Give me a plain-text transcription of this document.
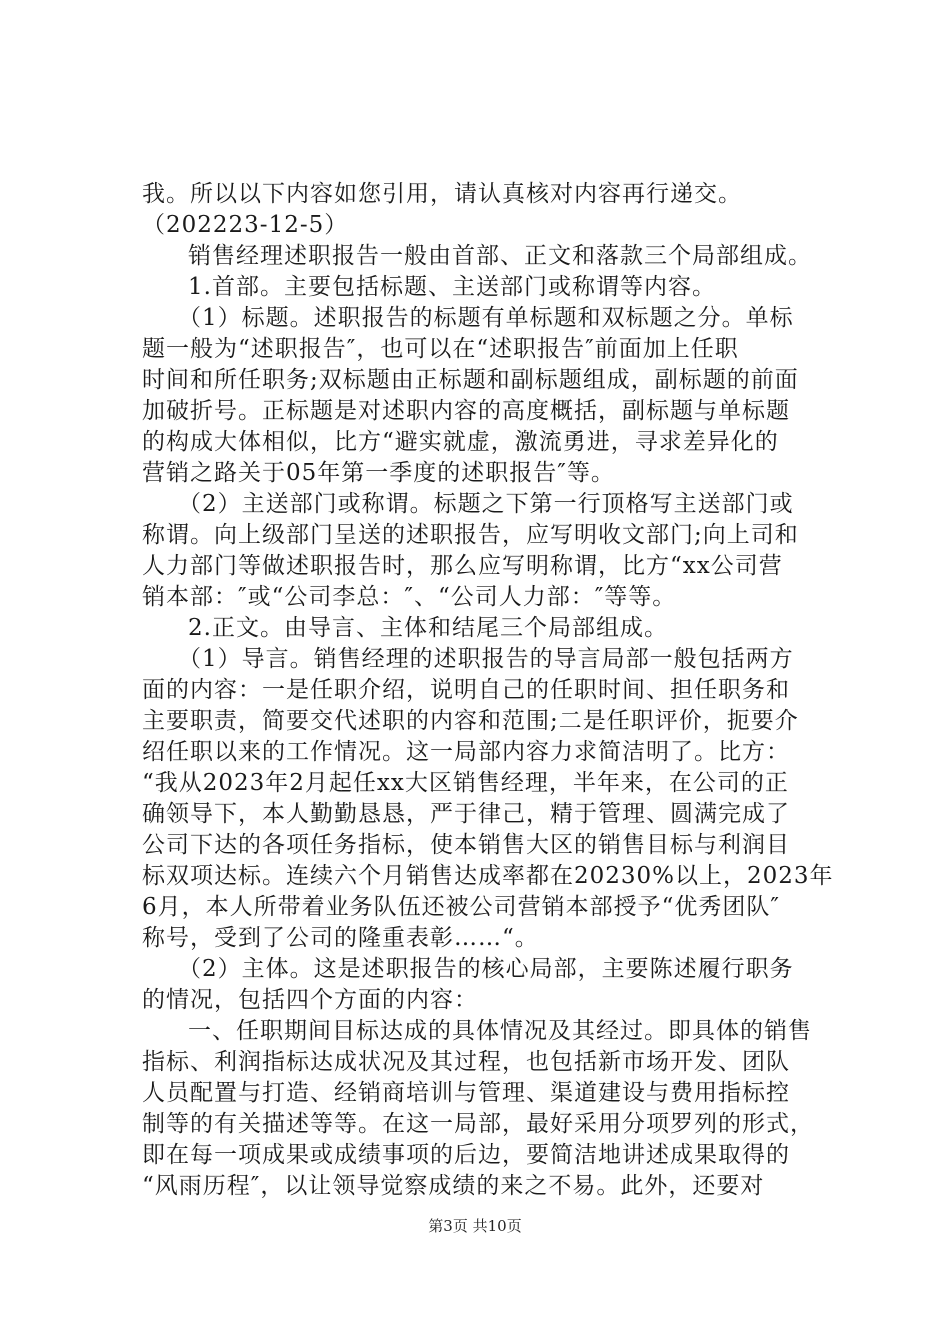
我。所以以下内容如您引用，请认真核对内容再行递交。
（202223-12-5）
销售经理述职报告一般由首部、正文和落款三个局部组成。
1.首部。主要包括标题、主送部门或称谓等内容。
（1）标题。述职报告的标题有单标题和双标题之分。单标
题一般为“述职报告″，也可以在“述职报告″前面加上任职
时间和所任职务;双标题由正标题和副标题组成，副标题的前面
加破折号。正标题是对述职内容的高度概括，副标题与单标题
的构成大体相似，比方“避实就虚，激流勇进，寻求差异化的
营销之路关于05年第一季度的述职报告″等。
（2）主送部门或称谓。标题之下第一行顶格写主送部门或
称谓。向上级部门呈送的述职报告，应写明收文部门;向上司和
人力部门等做述职报告时，那么应写明称谓，比方“xx公司营
销本部：″或“公司李总：″、“公司人力部：″等等。
2.正文。由导言、主体和结尾三个局部组成。
（1）导言。销售经理的述职报告的导言局部一般包括两方
面的内容：一是任职介绍，说明自己的任职时间、担任职务和
主要职责，简要交代述职的内容和范围;二是任职评价，扼要介
绍任职以来的工作情况。这一局部内容力求简洁明了。比方：
“我从2023年2月起任xx大区销售经理，半年来，在公司的正
确领导下，本人勤勤恳恳，严于律己，精于管理、圆满完成了
公司下达的各项任务指标，使本销售大区的销售目标与利润目
标双项达标。连续六个月销售达成率都在20230%以上，2023年
6月，本人所带着业务队伍还被公司营销本部授予“优秀团队″
称号，受到了公司的隆重表彰……“。
（2）主体。这是述职报告的核心局部，主要陈述履行职务
的情况，包括四个方面的内容：
一、任职期间目标达成的具体情况及其经过。即具体的销售
指标、利润指标达成状况及其过程，也包括新市场开发、团队
人员配置与打造、经销商培训与管理、渠道建设与费用指标控
制等的有关描述等等。在这一局部，最好采用分项罗列的形式，
即在每一项成果或成绩事项的后边，要简洁地讲述成果取得的
“风雨历程″，以让领导觉察成绩的来之不易。此外，还要对
第3页 共10页
